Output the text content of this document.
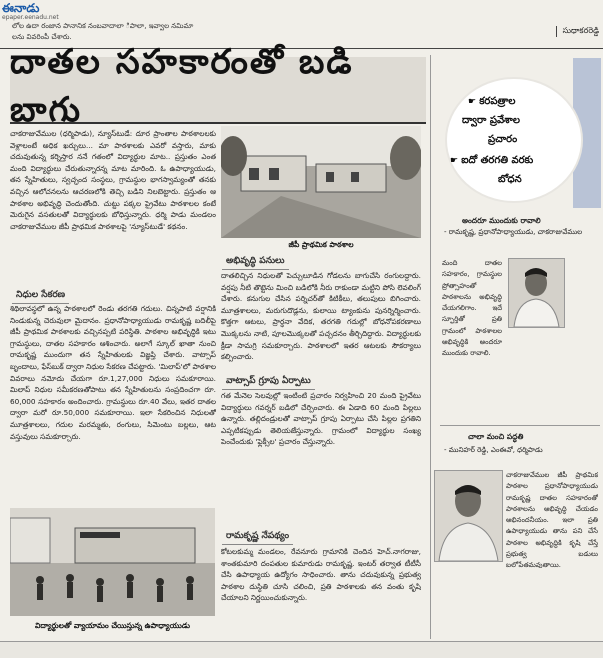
ఈనాడు
epaper.eenadu.net
లోల ఉదా రంజాన పానానిక నంబవాదాలా ిపాలా, ఇవ్వాల నమిమా
లను వివరింపీ చేశారు.
సుధాకరరెడ్డి
దాతల సహకారంతో బడి బాగు

చాకరాజువేముల (ధర్మిపాడు), న్యూస్‌టుడే: దూర ప్రాంతాల పాఠశాలలకు వెళ్లాలంటే అధిక ఖర్చులు... మా పాఠశాలకు ఎవరో వస్తారు, మాకు చదువుతున్న కర్నిస్తార ననే గతంలో విద్యార్థుల మాట.. ప్రస్తుతం ఎంత మంది విద్యార్థులు చేరుతున్నారన్న మాట మారింది. ఓ ఉపాధ్యాయుడు, తన స్నేహితులు, స్వచ్ఛంద సంస్థలు, గ్రామస్థుల భాగస్వామ్యంతో తనకు వచ్చిన ఆలోచనలను ఆచరణలోకి తెచ్చి బడిని నిలబెట్టారు. ప్రస్తుతం ఆ పాఠశాల అభివృద్ధి చెందుతోంది. చుట్టు పక్కల ప్రైవేటు పాఠశాలల కంటే మెరుగైన వసతులతో విద్యార్థులకు బోధిస్తున్నారు. ధర్మి పాడు మండలం చాకరాజువేముల జీపీ ప్రాథమిక పాఠశాలపై 'న్యూస్‌టుడే' కథనం.

జీపీ ప్రాథమిక పాఠశాల
నిధుల సేకరణ

శిథిలావస్థలో ఉన్న పాఠశాలలో రెండు తరగతి గదులు. చిన్నపాటి వర్షానికి నిండుకున్న చెరువులా మైదానం. ప్రధానోపాధ్యాయుడు రామకృష్ణ బదిలీపై జీపీ ప్రాథమిక పాఠశాలకు వచ్చినప్పటి పరిస్థితి. పాఠశాల అభివృద్ధికి ఇటు గ్రామస్థులు, దాతల సహకారం ఆశించారు. అలాగే స్కూల్ ఖాతా నుంచి రామకృష్ణ ముందుగా తన స్నేహితులకు విజ్ఞప్తి చేశారు. వాట్సాప్ బృందాలు, ఫేస్‌బుక్ ద్వారా నిధుల సేకరణ చేపట్టారు. 'మిలాప్'లో పాఠశాల వివరాలు నమోదు చేయగా రూ.1,27,000 నిధులు సమకూరాయి. మిలాప్ నిధుల సమీకరణతోపాటు తన స్నేహితులను సంప్రదించగా రూ. 60,000 సహకారం అందించారు. గ్రామస్థులు రూ.40 వేలు, ఇతర దాతల ద్వారా మరో రూ.50,000 సమకూరాయి. ఇలా సేకరించిన నిధులతో మూత్రశాలలు, గదుల మరమ్మతు, రంగులు, సిమెంటు బల్లలు, ఆట వస్తువులు సమకూర్చారు.

విద్యార్థులతో వ్యాయామం చేయిస్తున్న ఉపాధ్యాయుడు
అభివృద్ధి పనులు

దాతలిచ్చిన నిధులతో పెచ్చులూడిన గోడలను బాగుచేసి రంగులద్దారు. వర్షపు నీటి తొట్టెను మించి బడిలోకి నీరు రాకుండా మట్టిని పోసి లెవలింగ్ చేశారు. కనుగుల చేసిన పర్నిచర్‌తో కిటికీలు, తలుపులు బిగించారు. మూత్రశాలలు, మరుగుదొడ్లను, కులాయి ట్యాంకును పునర్నిర్మించారు. కొత్తగా ఆటలు, ప్రార్థనా వేదిక, తరగతి గదుల్లో బోధనోపకరణాలు మొక్కలను నాటి, పూలమొక్కలతో పచ్చదనం తీర్చిదిద్దారు. విద్యార్థులకు క్రీడా సామగ్రి సమకూర్చారు. పాఠశాలలో ఇతర ఆటలకు సౌకర్యాలు కల్పించారు.

వాట్సాప్ గ్రూపు ఏర్పాటు

గత మేనెల సెలవుల్లో ఇంటింటి ప్రచారం నిర్వహించి 20 మంది ప్రైవేటు విద్యార్థులు గవర్నర్ బడిలో చేర్పించారు. ఈ ఏడాది 60 మంది పిల్లలు ఉన్నారు. తల్లిదండ్రులతో వాట్సాప్ గ్రూపు ఏర్పాటు చేసి పిల్లల ప్రగతిని ఎప్పటికప్పుడు తెలియజేస్తున్నారు. గ్రామంలో విద్యార్థుల సంఖ్య పెంచేందుకు 'ఫ్లెక్సీల' ప్రచారం చేస్తున్నారు.

రామకృష్ణ నేపథ్యం

కోటలకుమ్మ మండలం, రేవనూరు గ్రామానికి చెందిన హెచ్.నాగరాజు, శాంతకుమారి దంపతుల కుమారుడు రామకృష్ణ. ఇంటర్ తర్వాత టీటీసీ చేసి ఉపాధ్యాయ ఉద్యోగం సాధించారు. తాను చదువుకున్న ప్రభుత్వ పాఠశాల దుస్థితి చూసి చలించి, ప్రతి పాఠశాలకు తన వంతు కృషి చేయాలని నిర్ణయించుకున్నారు.

☛ కరపత్రాల
ద్వారా ప్రవేశాల
ప్రచారం
☛ ఐదో తరగతి వరకు
బోధన
అందరూ ముందుకు రావాలి

- రామకృష్ణ, ప్రధానోపాధ్యాయుడు, చాకరాజువేముల

మంది దాతల సహకారం, గ్రామస్థుల ప్రోత్సాహంతో పాఠశాలను అభివృద్ధి చేయగలిగాం. ఇదే స్ఫూర్తితో ప్రతి గ్రామంలో పాఠశాలల అభివృద్ధికి అందరూ ముందుకు రావాలి.

చాలా మంచి పద్ధతి

- మునిహర్ రెడ్డి, ఎంఈవో, ధర్మిపాడు

చాకరాజువేముల జీపీ ప్రాథమిక పాఠశాల ప్రధానోపాధ్యాయుడు రామకృష్ణ దాతల సహకారంతో పాఠశాలను అభివృద్ధి చేయడం అభినందనీయం. ఇలా ప్రతి ఉపాధ్యాయుడు తాను పని చేసే పాఠశాల అభివృద్ధికి కృషి చేస్తే ప్రభుత్వ బడులు బలోపేతమవుతాయి.
